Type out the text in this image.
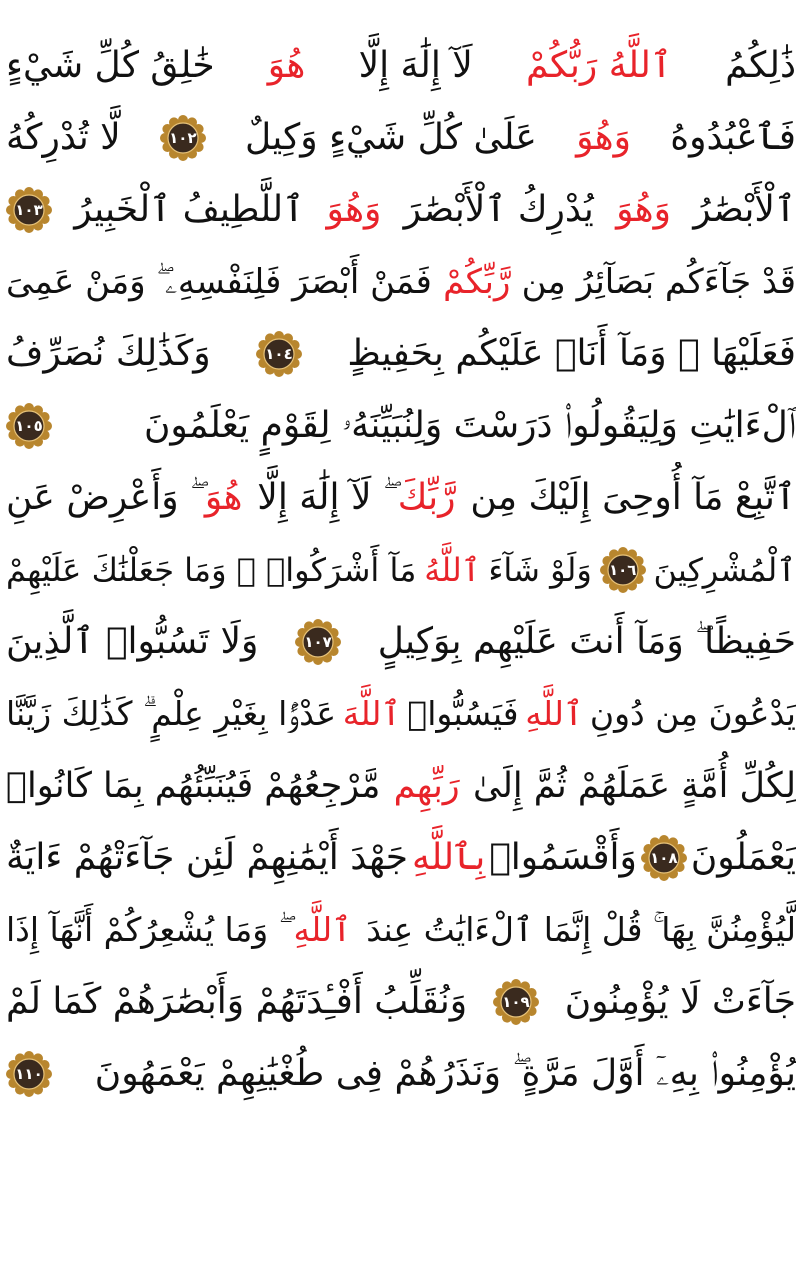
ذَٰلِكُمُ
ٱللَّهُ رَبُّكُمْ
لَآ إِلَٰهَ إِلَّا
هُوَ
خَٰلِقُ كُلِّ شَيْءٍ
فَٱعْبُدُوهُ
وَهُوَ
عَلَىٰ كُلِّ شَيْءٍ وَكِيلٌ
١٠٢
لَّا تُدْرِكُهُ
ٱلْأَبْصَٰرُ
وَهُوَ
يُدْرِكُ ٱلْأَبْصَٰرَ
وَهُوَ
ٱللَّطِيفُ ٱلْخَبِيرُ
١٠٣
قَدْ جَآءَكُم بَصَآئِرُ مِن
رَّبِّكُمْ
فَمَنْ أَبْصَرَ فَلِنَفْسِهِۦ ۖ وَمَنْ عَمِىَ
فَعَلَيْهَا ۚ وَمَآ أَنَا۠ عَلَيْكُم بِحَفِيظٍ
١٠٤
وَكَذَٰلِكَ نُصَرِّفُ
ٱلْءَايَٰتِ وَلِيَقُولُوا۟ دَرَسْتَ وَلِنُبَيِّنَهُۥ لِقَوْمٍ يَعْلَمُونَ
١٠٥
ٱتَّبِعْ مَآ أُوحِىَ إِلَيْكَ مِن
رَّبِّكَ
ۖ لَآ إِلَٰهَ إِلَّا
هُوَ
ۖ وَأَعْرِضْ عَنِ
ٱلْمُشْرِكِينَ
١٠٦
وَلَوْ شَآءَ
ٱللَّهُ
مَآ أَشْرَكُوا۟ ۗ وَمَا جَعَلْنَٰكَ عَلَيْهِمْ
حَفِيظًا ۖ وَمَآ أَنتَ عَلَيْهِم بِوَكِيلٍ
١٠٧
وَلَا تَسُبُّوا۟ ٱلَّذِينَ
يَدْعُونَ مِن دُونِ
ٱللَّهِ
فَيَسُبُّوا۟
ٱللَّهَ
عَدْوًۢا بِغَيْرِ عِلْمٍ ۗ كَذَٰلِكَ زَيَّنَّا
لِكُلِّ أُمَّةٍ عَمَلَهُمْ ثُمَّ إِلَىٰ
رَبِّهِم
مَّرْجِعُهُمْ فَيُنَبِّئُهُم بِمَا كَانُوا۟
يَعْمَلُونَ
١٠٨
وَأَقْسَمُوا۟
بِٱللَّهِ
جَهْدَ أَيْمَٰنِهِمْ لَئِن جَآءَتْهُمْ ءَايَةٌ
لَّيُؤْمِنُنَّ بِهَا ۚ قُلْ إِنَّمَا ٱلْءَايَٰتُ عِندَ
ٱللَّهِ
ۖ وَمَا يُشْعِرُكُمْ أَنَّهَآ إِذَا
جَآءَتْ لَا يُؤْمِنُونَ
١٠٩
وَنُقَلِّبُ أَفْـِٔدَتَهُمْ وَأَبْصَٰرَهُمْ كَمَا لَمْ
يُؤْمِنُوا۟ بِهِۦٓ أَوَّلَ مَرَّةٍ ۖ وَنَذَرُهُمْ فِى طُغْيَٰنِهِمْ يَعْمَهُونَ
١١٠
